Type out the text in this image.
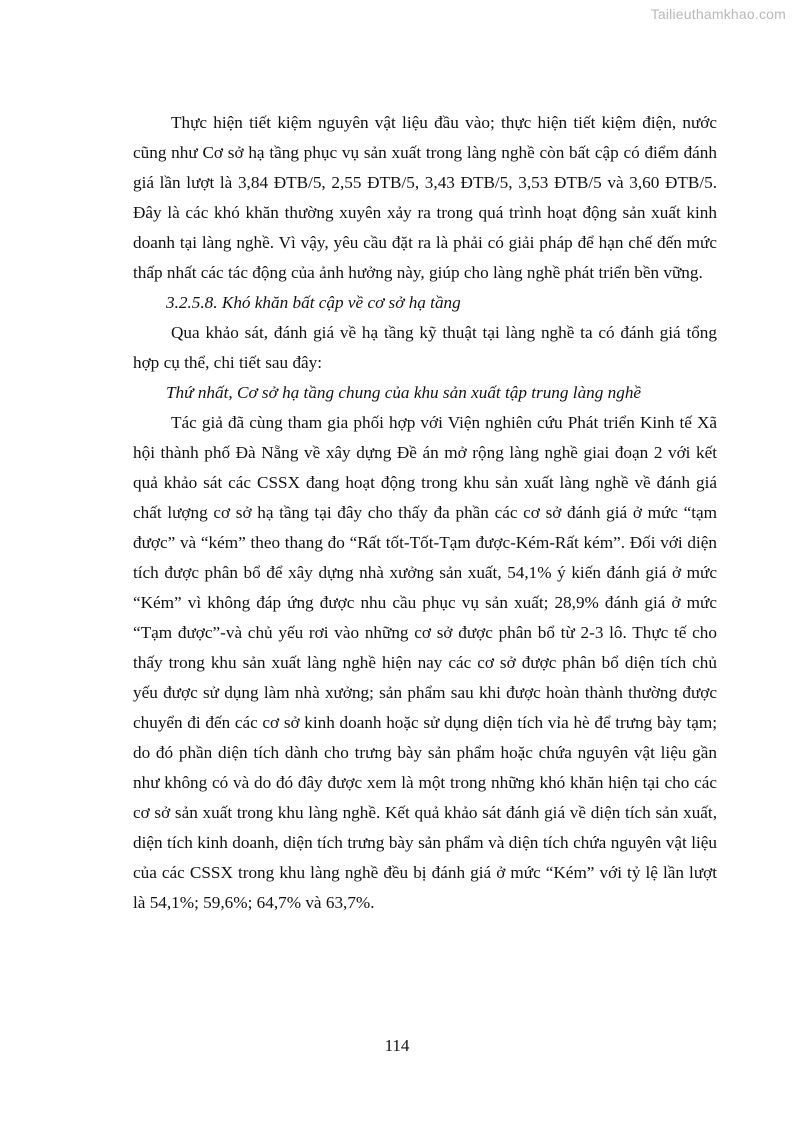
Tailieuthamkhao.com

Thực hiện tiết kiệm nguyên vật liệu đầu vào; thực hiện tiết kiệm điện, nước cũng như Cơ sở hạ tầng phục vụ sản xuất trong làng nghề còn bất cập có điểm đánh giá lần lượt là 3,84 ĐTB/5, 2,55 ĐTB/5, 3,43 ĐTB/5, 3,53 ĐTB/5 và 3,60 ĐTB/5. Đây là các khó khăn thường xuyên xảy ra trong quá trình hoạt động sản xuất kinh doanh tại làng nghề. Vì vậy, yêu cầu đặt ra là phải có giải pháp để hạn chế đến mức thấp nhất các tác động của ảnh hưởng này, giúp cho làng nghề phát triển bền vững.

3.2.5.8. Khó khăn bất cập về cơ sở hạ tầng

Qua khảo sát, đánh giá về hạ tầng kỹ thuật tại làng nghề ta có đánh giá tổng hợp cụ thể, chi tiết sau đây:

Thứ nhất, Cơ sở hạ tầng chung của khu sản xuất tập trung làng nghề

Tác giả đã cùng tham gia phối hợp với Viện nghiên cứu Phát triển Kinh tế Xã hội thành phố Đà Nẵng về xây dựng Đề án mở rộng làng nghề giai đoạn 2 với kết quả khảo sát các CSSX đang hoạt động trong khu sản xuất làng nghề về đánh giá chất lượng cơ sở hạ tầng tại đây cho thấy đa phần các cơ sở đánh giá ở mức “tạm được” và “kém” theo thang đo “Rất tốt-Tốt-Tạm được-Kém-Rất kém”. Đối với diện tích được phân bổ để xây dựng nhà xưởng sản xuất, 54,1% ý kiến đánh giá ở mức “Kém” vì không đáp ứng được nhu cầu phục vụ sản xuất; 28,9% đánh giá ở mức “Tạm được”-và chủ yếu rơi vào những cơ sở được phân bổ từ 2-3 lô. Thực tế cho thấy trong khu sản xuất làng nghề hiện nay các cơ sở được phân bổ diện tích chủ yếu được sử dụng làm nhà xưởng; sản phẩm sau khi được hoàn thành thường được chuyển đi đến các cơ sở kinh doanh hoặc sử dụng diện tích vỉa hè để trưng bày tạm; do đó phần diện tích dành cho trưng bày sản phẩm hoặc chứa nguyên vật liệu gần như không có và do đó đây được xem là một trong những khó khăn hiện tại cho các cơ sở sản xuất trong khu làng nghề. Kết quả khảo sát đánh giá về diện tích sản xuất, diện tích kinh doanh, diện tích trưng bày sản phẩm và diện tích chứa nguyên vật liệu của các CSSX trong khu làng nghề đều bị đánh giá ở mức “Kém” với tỷ lệ lần lượt là 54,1%; 59,6%; 64,7% và 63,7%.

114
